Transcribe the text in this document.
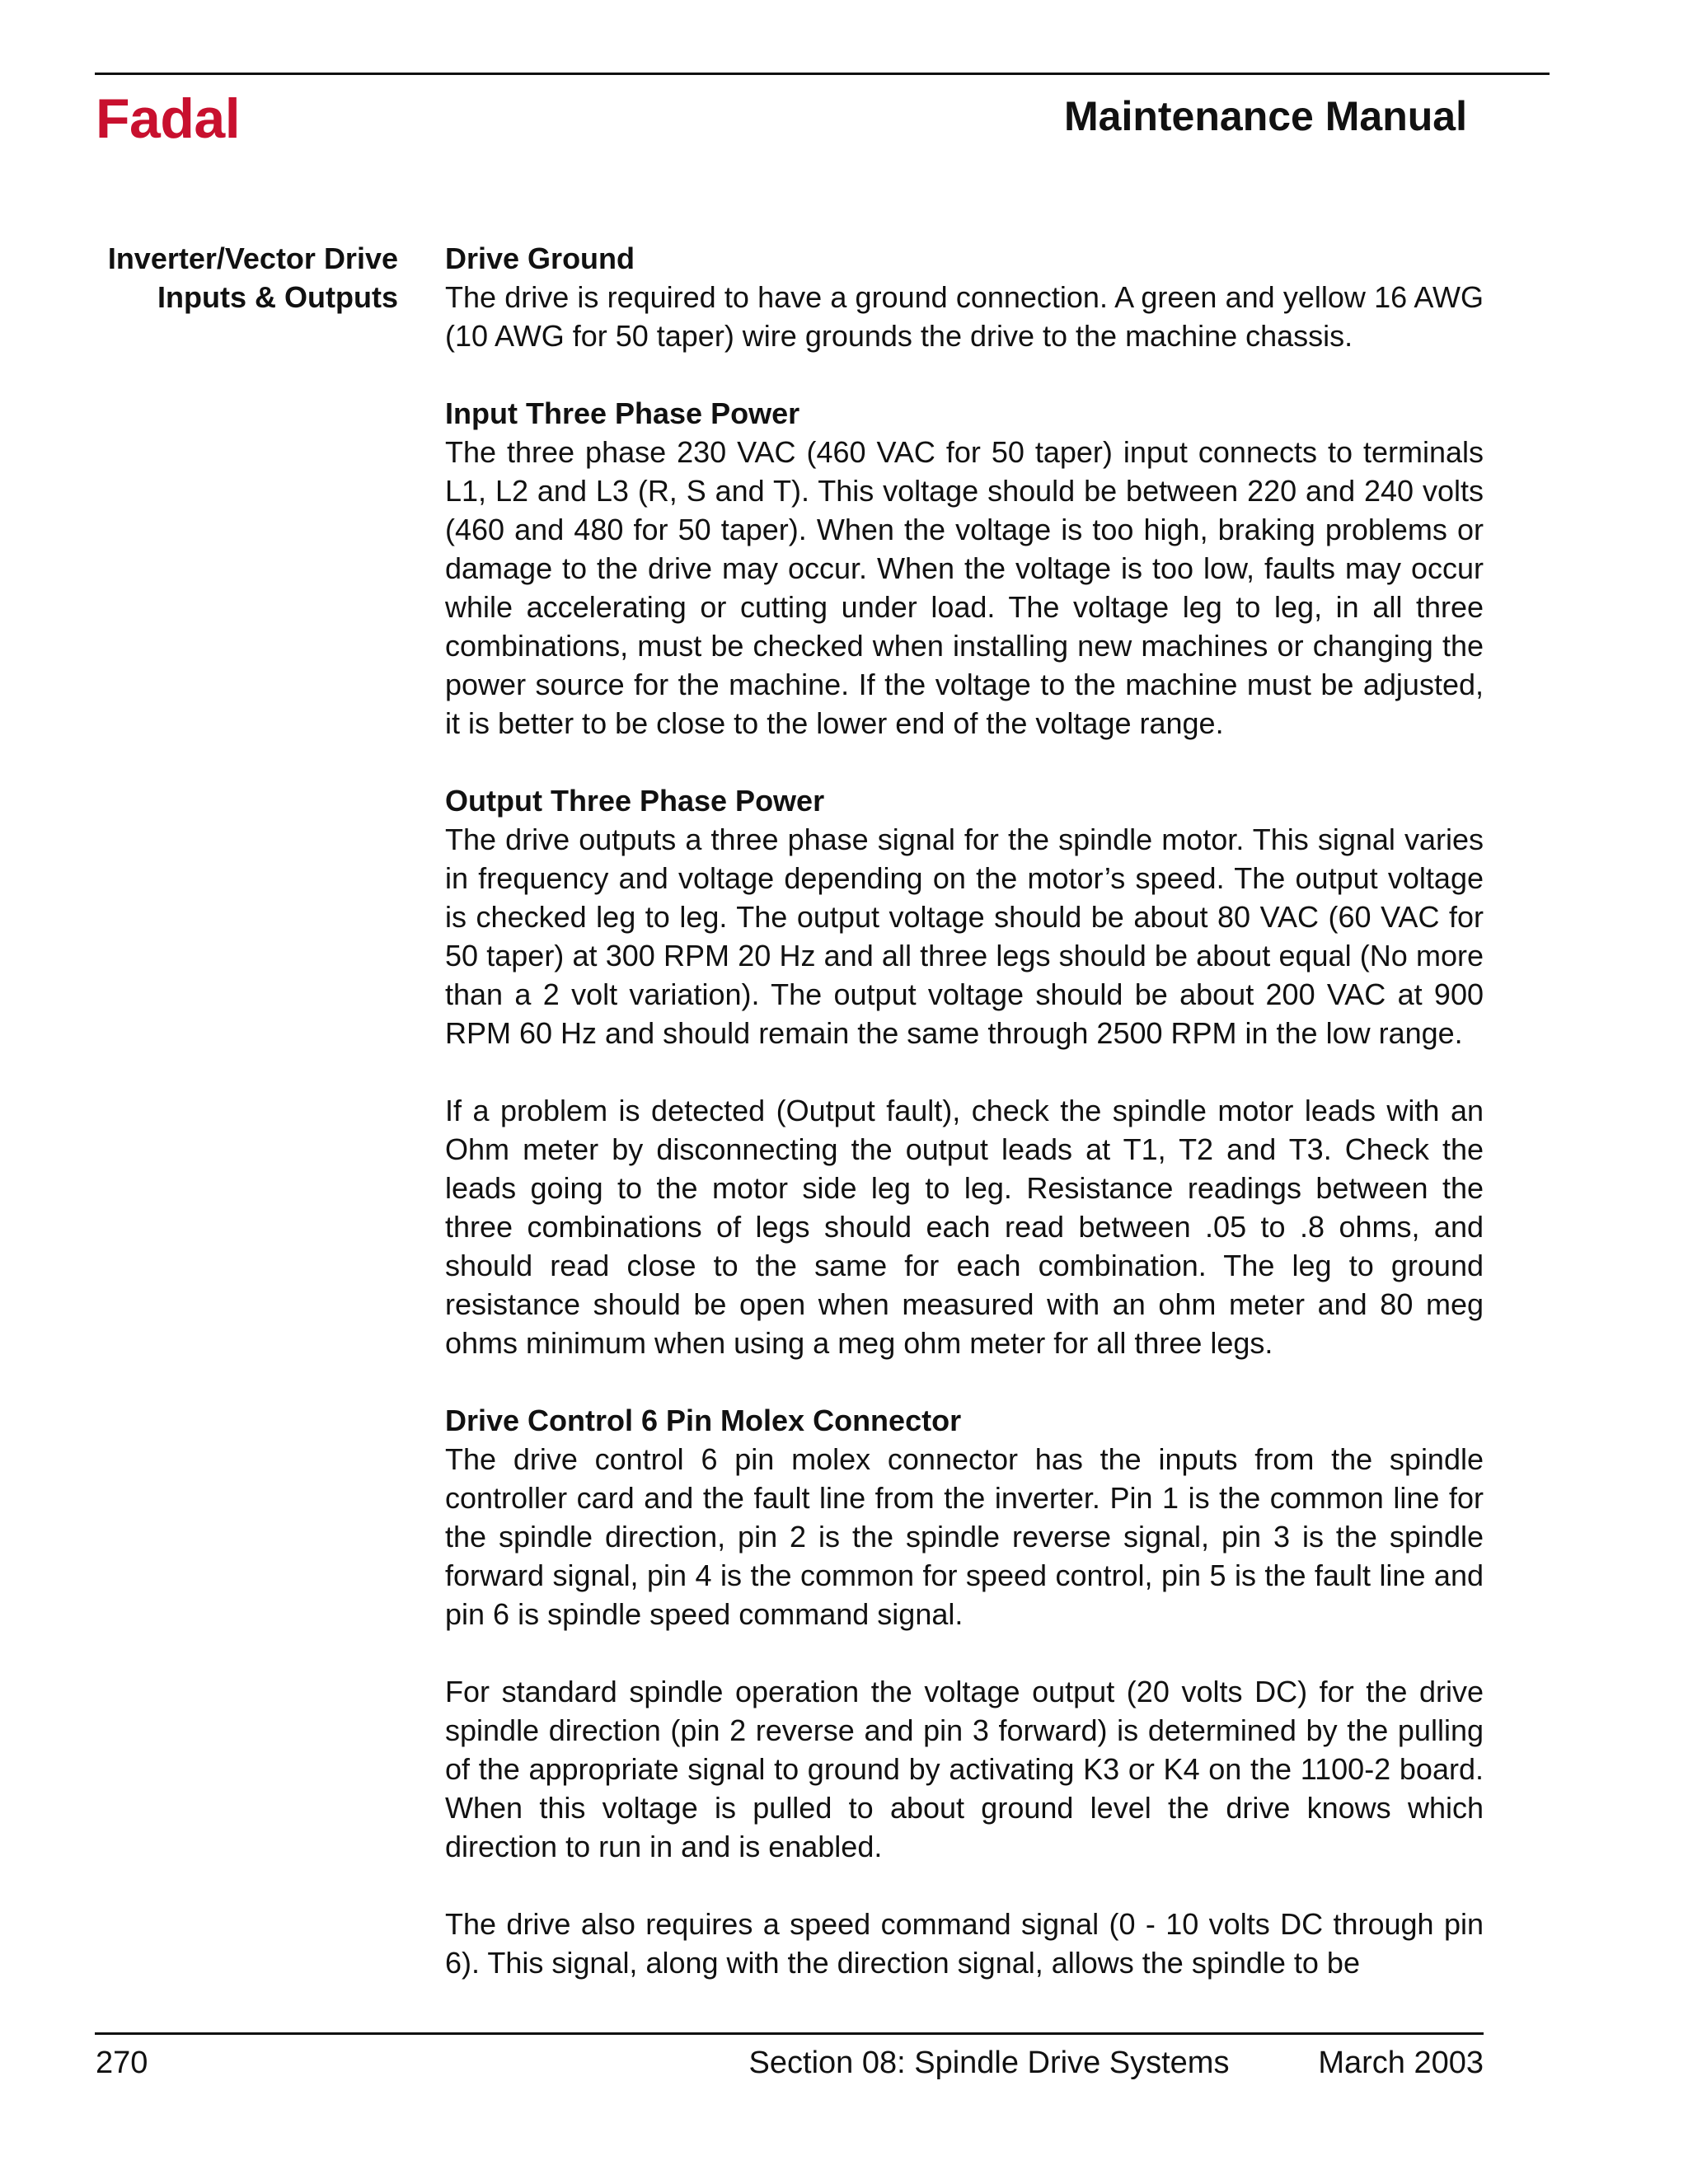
Fadal	Maintenance Manual
Inverter/Vector Drive
Inputs & Outputs
Drive Ground

The drive is required to have a ground connection. A green and yellow 16 AWG (10 AWG for 50 taper) wire grounds the drive to the machine chassis.

Input Three Phase Power

The three phase 230 VAC (460 VAC for 50 taper) input connects to terminals L1, L2 and L3 (R, S and T). This voltage should be between 220 and 240 volts (460 and 480 for 50 taper). When the voltage is too high, braking problems or damage to the drive may occur. When the voltage is too low, faults may occur while accelerating or cutting under load. The voltage leg to leg, in all three combinations, must be checked when installing new machines or changing the power source for the machine. If the voltage to the machine must be adjusted, it is better to be close to the lower end of the voltage range.

Output Three Phase Power

The drive outputs a three phase signal for the spindle motor. This signal varies in frequency and voltage depending on the motor’s speed. The output voltage is checked leg to leg. The output voltage should be about 80 VAC (60 VAC for 50 taper) at 300 RPM 20 Hz and all three legs should be about equal (No more than a 2 volt variation). The output voltage should be about 200 VAC at 900 RPM 60 Hz and should remain the same through 2500 RPM in the low range.

If a problem is detected (Output fault), check the spindle motor leads with an Ohm meter by disconnecting the output leads at T1, T2 and T3. Check the leads going to the motor side leg to leg. Resistance readings between the three combinations of legs should each read between .05 to .8 ohms, and should read close to the same for each combination. The leg to ground resistance should be open when measured with an ohm meter and 80 meg ohms minimum when using a meg ohm meter for all three legs.

Drive Control 6 Pin Molex Connector

The drive control 6 pin molex connector has the inputs from the spindle controller card and the fault line from the inverter. Pin 1 is the common line for the spindle direction, pin 2 is the spindle reverse signal, pin 3 is the spindle forward signal, pin 4 is the common for speed control, pin 5 is the fault line and pin 6 is spindle speed command signal.

For standard spindle operation the voltage output (20 volts DC) for the drive spindle direction (pin 2 reverse and pin 3 forward) is determined by the pulling of the appropriate signal to ground by activating K3 or K4 on the 1100-2 board. When this voltage is pulled to about ground level the drive knows which direction to run in and is enabled.

The drive also requires a speed command signal (0 - 10 volts DC through pin 6). This signal, along with the direction signal, allows the spindle to be

270	Section 08: Spindle Drive Systems	March 2003
